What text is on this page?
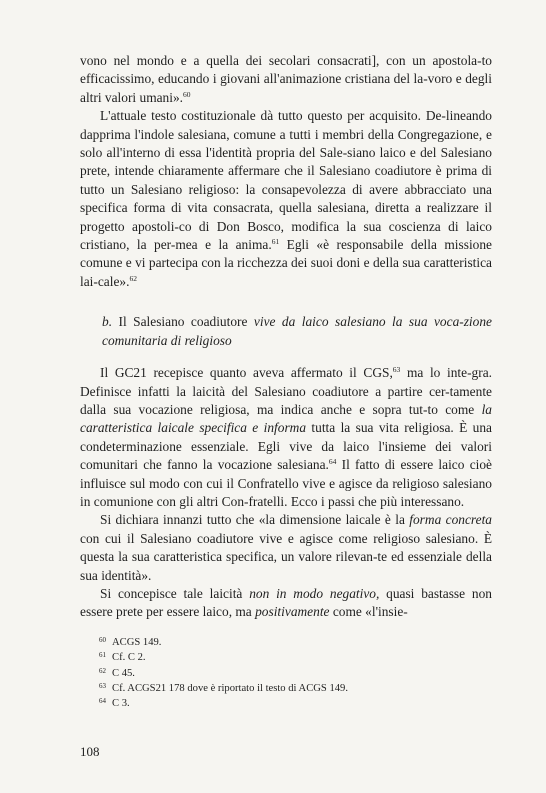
vono nel mondo e a quella dei secolari consacrati], con un apostola-to efficacissimo, educando i giovani all'animazione cristiana del la-voro e degli altri valori umani».$^{60}$

L'attuale testo costituzionale dà tutto questo per acquisito. De-lineando dapprima l'indole salesiana, comune a tutti i membri della Congregazione, e solo all'interno di essa l'identità propria del Sale-siano laico e del Salesiano prete, intende chiaramente affermare che il Salesiano coadiutore è prima di tutto un Salesiano religioso: la consapevolezza di avere abbracciato una specifica forma di vita consacrata, quella salesiana, diretta a realizzare il progetto apostoli-co di Don Bosco, modifica la sua coscienza di laico cristiano, la per-mea e la anima.$^{61}$ Egli «è responsabile della missione comune e vi partecipa con la ricchezza dei suoi doni e della sua caratteristica lai-cale».$^{62}$

b. Il Salesiano coadiutore vive da laico salesiano la sua voca-zione comunitaria di religioso

Il GC21 recepisce quanto aveva affermato il CGS,$^{63}$ ma lo inte-gra. Definisce infatti la laicità del Salesiano coadiutore a partire cer-tamente dalla sua vocazione religiosa, ma indica anche e sopra tut-to come la caratteristica laicale specifica e informa tutta la sua vita religiosa. È una condeterminazione essenziale. Egli vive da laico l'insieme dei valori comunitari che fanno la vocazione salesiana.$^{64}$ Il fatto di essere laico cioè influisce sul modo con cui il Confratello vive e agisce da religioso salesiano in comunione con gli altri Con-fratelli. Ecco i passi che più interessano.

Si dichiara innanzi tutto che «la dimensione laicale è la forma concreta con cui il Salesiano coadiutore vive e agisce come religioso salesiano. È questa la sua caratteristica specifica, un valore rilevan-te ed essenziale della sua identità».

Si concepisce tale laicità non in modo negativo, quasi bastasse non essere prete per essere laico, ma positivamente come «l'insie-

60 ACGS 149.
61 Cf. C 2.
62 C 45.
63 Cf. ACGS21 178 dove è riportato il testo di ACGS 149.
64 C 3.
108
